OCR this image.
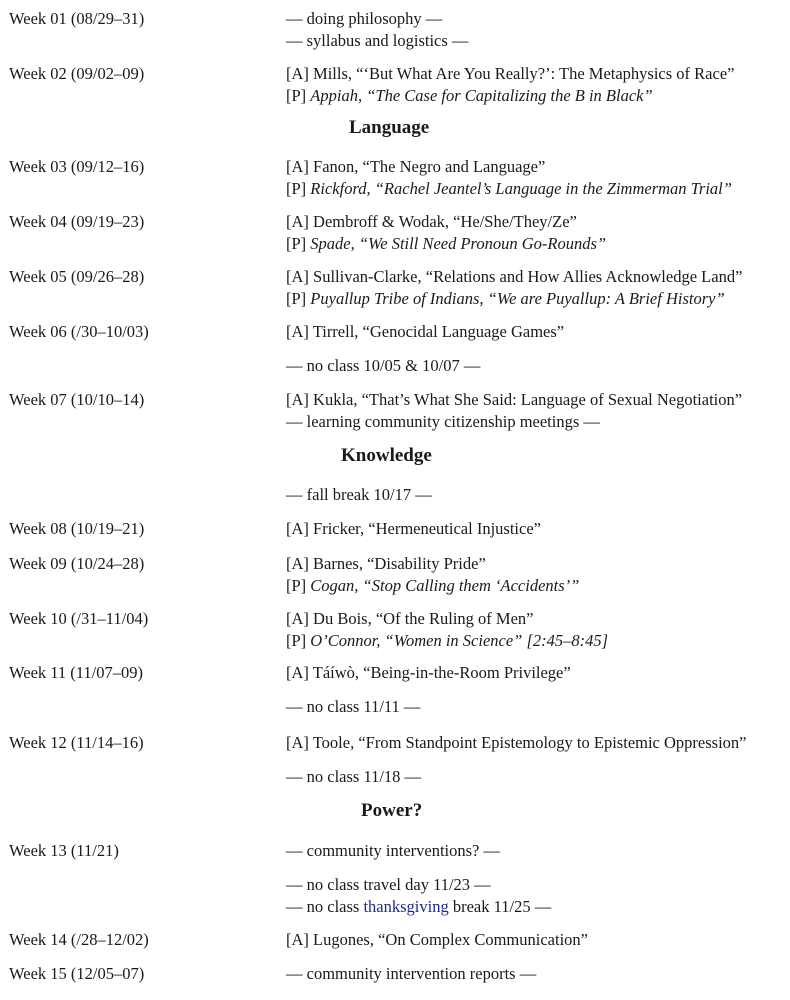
Week 01 (08/29–31)	— doing philosophy —
— syllabus and logistics —
Week 02 (09/02–09)	[A] Mills, “‘But What Are You Really?’: The Metaphysics of Race”
[P] Appiah, “The Case for Capitalizing the B in Black”
Language
Week 03 (09/12–16)	[A] Fanon, “The Negro and Language”
[P] Rickford, “Rachel Jeantel’s Language in the Zimmerman Trial”
Week 04 (09/19–23)	[A] Dembroff & Wodak, “He/She/They/Ze”
[P] Spade, “We Still Need Pronoun Go-Rounds”
Week 05 (09/26–28)	[A] Sullivan-Clarke, “Relations and How Allies Acknowledge Land”
[P] Puyallup Tribe of Indians, “We are Puyallup: A Brief History”
Week 06 (/30–10/03)	[A] Tirrell, “Genocidal Language Games”
— no class 10/05 & 10/07 —
Week 07 (10/10–14)	[A] Kukla, “That’s What She Said: Language of Sexual Negotiation”
— learning community citizenship meetings —
Knowledge
— fall break 10/17 —
Week 08 (10/19–21)	[A] Fricker, “Hermeneutical Injustice”
Week 09 (10/24–28)	[A] Barnes, “Disability Pride”
[P] Cogan, “Stop Calling them ‘Accidents’”
Week 10 (/31–11/04)	[A] Du Bois, “Of the Ruling of Men”
[P] O’Connor, “Women in Science” [2:45–8:45]
Week 11 (11/07–09)	[A] Táíwò, “Being-in-the-Room Privilege”
— no class 11/11 —
Week 12 (11/14–16)	[A] Toole, “From Standpoint Epistemology to Epistemic Oppression”
— no class 11/18 —
Power?
Week 13 (11/21)	— community interventions? —
— no class travel day 11/23 —
— no class thanksgiving break 11/25 —
Week 14 (/28–12/02)	[A] Lugones, “On Complex Communication”
Week 15 (12/05–07)	— community intervention reports —
